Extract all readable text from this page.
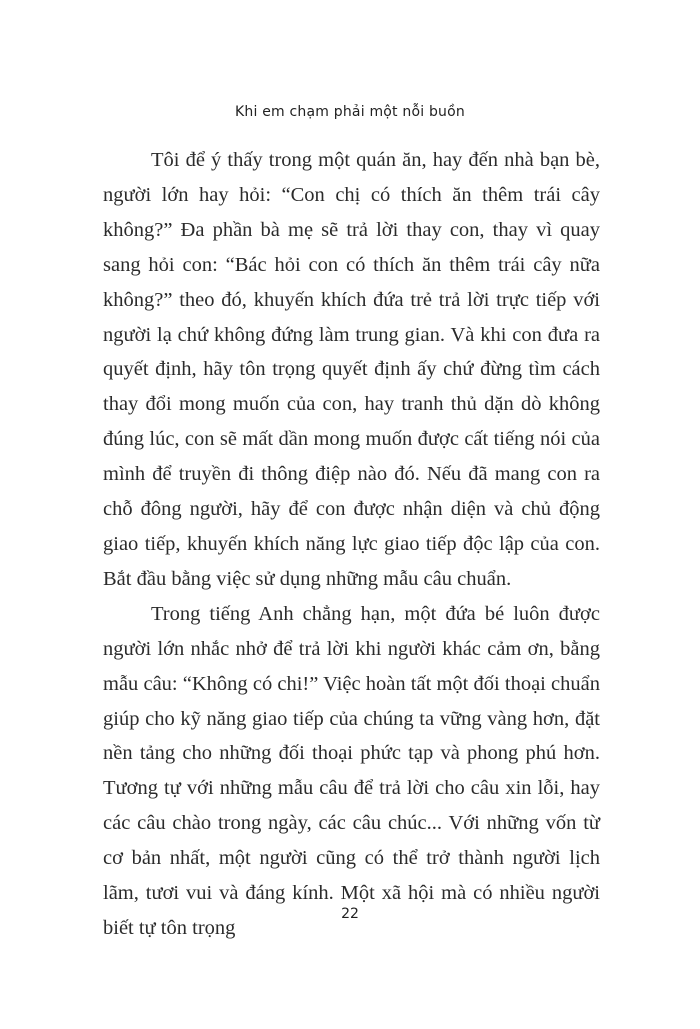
Khi em chạm phải một nỗi buồn

Tôi để ý thấy trong một quán ăn, hay đến nhà bạn bè, người lớn hay hỏi: “Con chị có thích ăn thêm trái cây không?” Đa phần bà mẹ sẽ trả lời thay con, thay vì quay sang hỏi con: “Bác hỏi con có thích ăn thêm trái cây nữa không?” theo đó, khuyến khích đứa trẻ trả lời trực tiếp với người lạ chứ không đứng làm trung gian. Và khi con đưa ra quyết định, hãy tôn trọng quyết định ấy chứ đừng tìm cách thay đổi mong muốn của con, hay tranh thủ dặn dò không đúng lúc, con sẽ mất dần mong muốn được cất tiếng nói của mình để truyền đi thông điệp nào đó. Nếu đã mang con ra chỗ đông người, hãy để con được nhận diện và chủ động giao tiếp, khuyến khích năng lực giao tiếp độc lập của con. Bắt đầu bằng việc sử dụng những mẫu câu chuẩn.

Trong tiếng Anh chẳng hạn, một đứa bé luôn được người lớn nhắc nhở để trả lời khi người khác cảm ơn, bằng mẫu câu: “Không có chi!” Việc hoàn tất một đối thoại chuẩn giúp cho kỹ năng giao tiếp của chúng ta vững vàng hơn, đặt nền tảng cho những đối thoại phức tạp và phong phú hơn. Tương tự với những mẫu câu để trả lời cho câu xin lỗi, hay các câu chào trong ngày, các câu chúc... Với những vốn từ cơ bản nhất, một người cũng có thể trở thành người lịch lãm, tươi vui và đáng kính. Một xã hội mà có nhiều người biết tự tôn trọng

22
